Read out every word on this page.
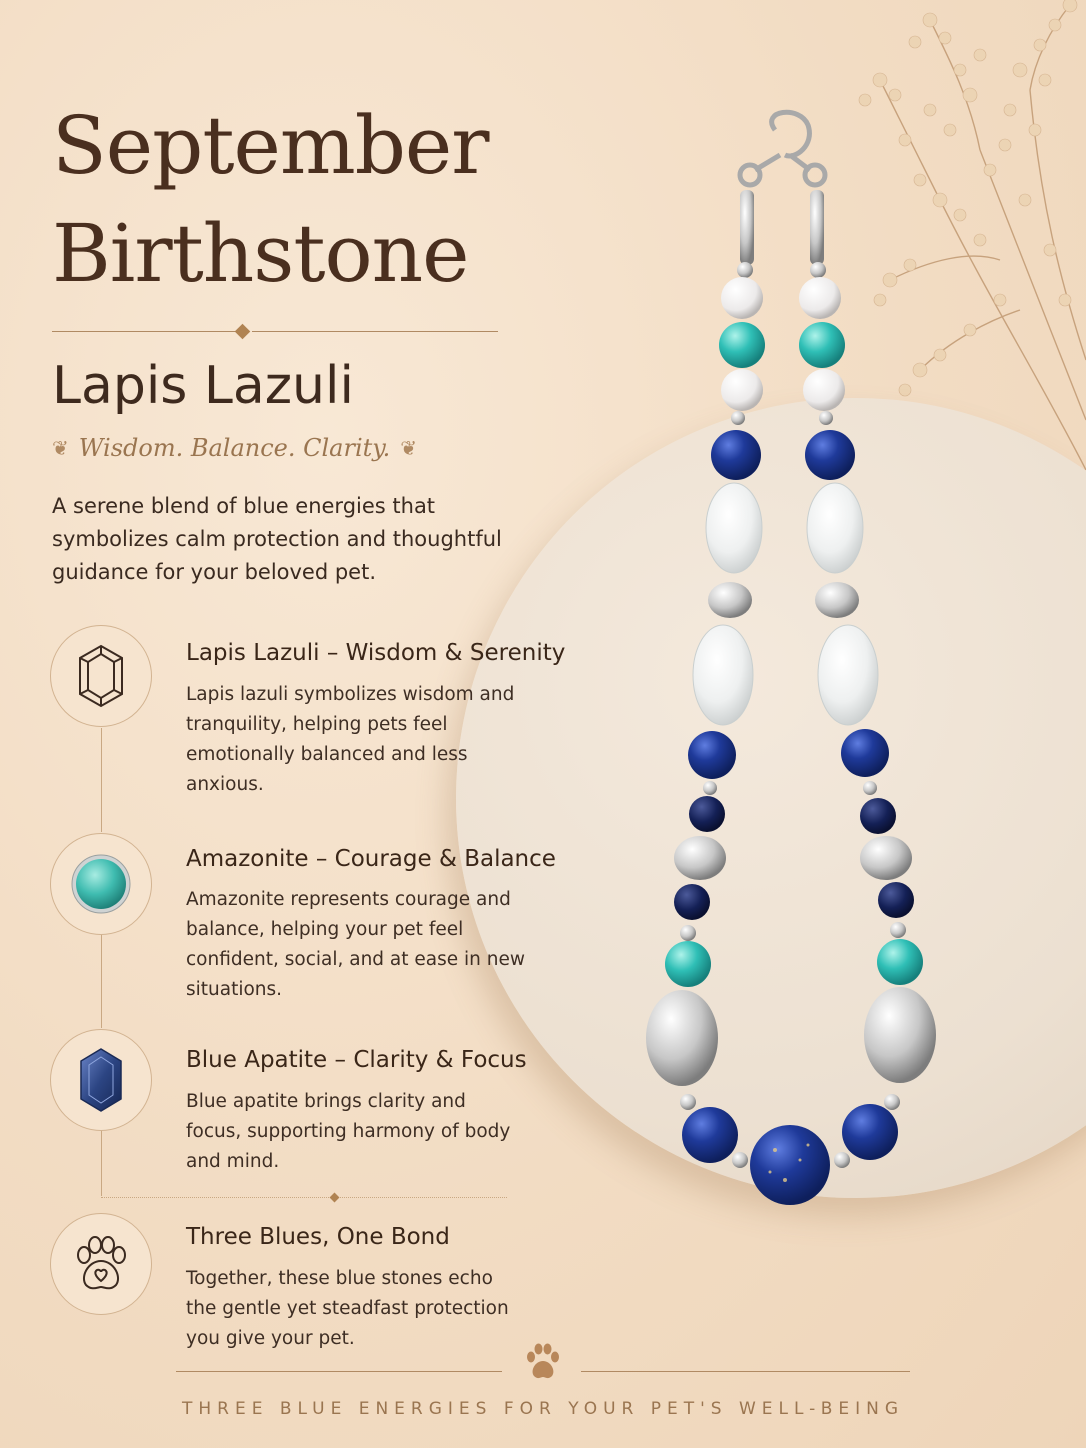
September
Birthstone
Lapis Lazuli
❦ Wisdom. Balance. Clarity. ❦
A serene blend of blue energies that symbolizes calm protection and thoughtful guidance for your beloved pet.
Lapis Lazuli – Wisdom & Serenity
Lapis lazuli symbolizes wisdom and tranquility, helping pets feel emotionally balanced and less anxious.
Amazonite – Courage & Balance
Amazonite represents courage and balance, helping your pet feel confident, social, and at ease in new situations.
Blue Apatite – Clarity & Focus
Blue apatite brings clarity and focus, supporting harmony of body and mind.
Three Blues, One Bond
Together, these blue stones echo the gentle yet steadfast protection you give your pet.
THREE BLUE ENERGIES FOR YOUR PET'S WELL-BEING
